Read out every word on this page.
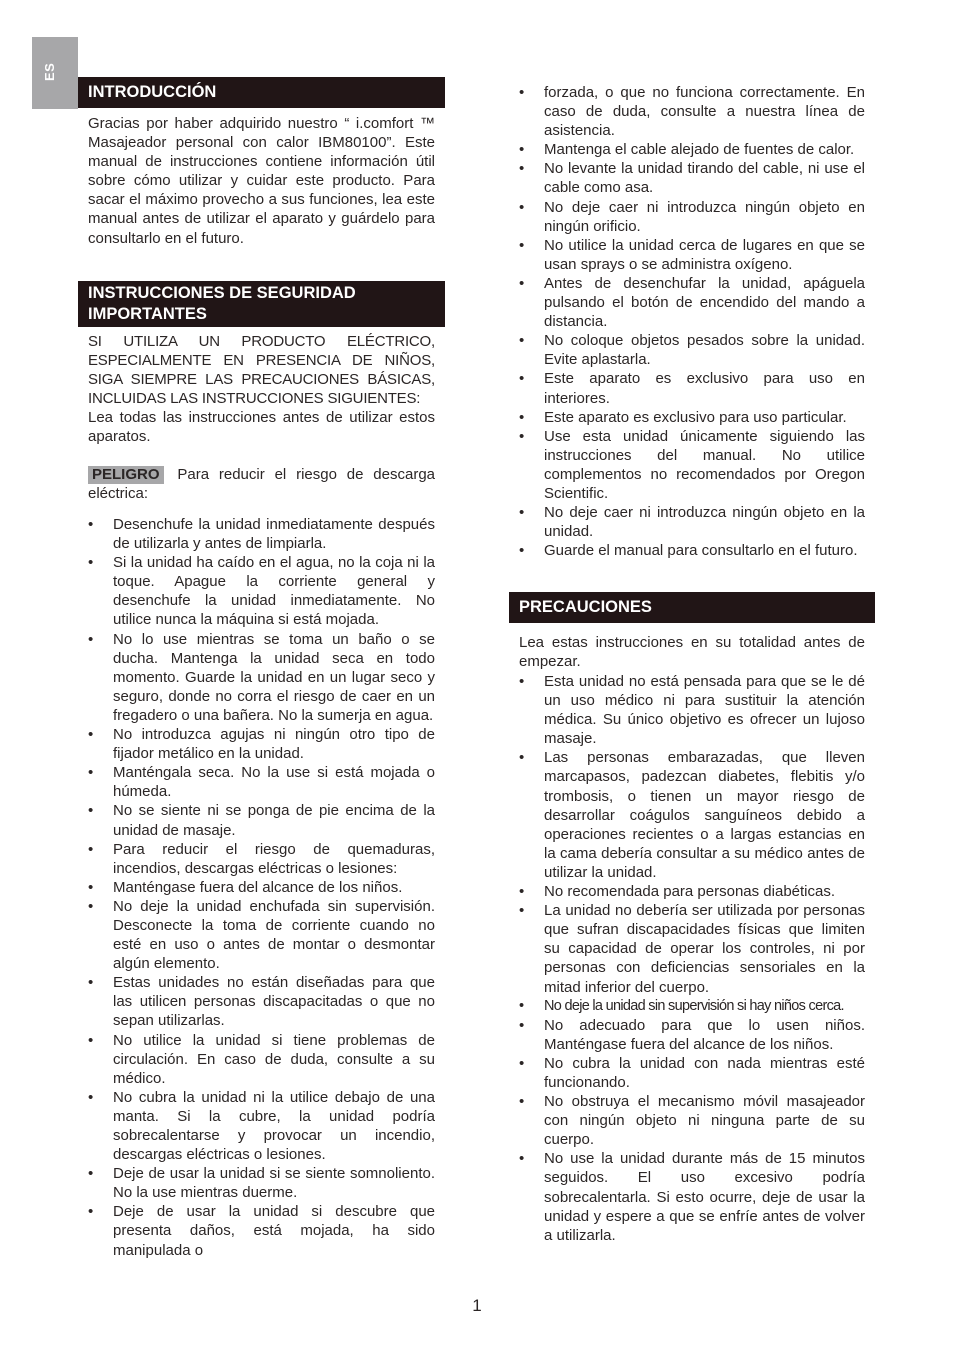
ES
INTRODUCCIÓN

Gracias por haber adquirido nuestro “ i.comfort ™ Masajeador personal con calor IBM80100”. Este manual de instrucciones contiene información útil sobre cómo utilizar y cuidar este producto. Para sacar el máximo provecho a sus funciones, lea este manual antes de utilizar el aparato y guárdelo para consultarlo en el futuro.

INSTRUCCIONES DE SEGURIDAD
IMPORTANTES

SI UTILIZA UN PRODUCTO ELÉCTRICO, ESPECIALMENTE EN PRESENCIA DE NIÑOS, SIGA SIEMPRE LAS PRECAUCIONES BÁSICAS, INCLUIDAS LAS INSTRUCCIONES SIGUIENTES:

Lea todas las instrucciones antes de utilizar estos aparatos.

PELIGRO Para reducir el riesgo de descarga eléctrica:

• Desenchufe la unidad inmediatamente después de utilizarla y antes de limpiarla.
• Si la unidad ha caído en el agua, no la coja ni la toque. Apague la corriente general y desenchufe la unidad inmediatamente. No utilice nunca la máquina si está mojada.
• No lo use mientras se toma un baño o se ducha. Mantenga la unidad seca en todo momento. Guarde la unidad en un lugar seco y seguro, donde no corra el riesgo de caer en un fregadero o una bañera. No la sumerja en agua.
• No introduzca agujas ni ningún otro tipo de fijador metálico en la unidad.
• Manténgala seca. No la use si está mojada o húmeda.
• No se siente ni se ponga de pie encima de la unidad de masaje.
• Para reducir el riesgo de quemaduras, incendios, descargas eléctricas o lesiones:
• Manténgase fuera del alcance de los niños.
• No deje la unidad enchufada sin supervisión. Desconecte la toma de corriente cuando no esté en uso o antes de montar o desmontar algún elemento.
• Estas unidades no están diseñadas para que las utilicen personas discapacitadas o que no sepan utilizarlas.
• No utilice la unidad si tiene problemas de circulación. En caso de duda, consulte a su médico.
• No cubra la unidad ni la utilice debajo de una manta. Si la cubre, la unidad podría sobrecalentarse y provocar un incendio, descargas eléctricas o lesiones.
• Deje de usar la unidad si se siente somnoliento. No la use mientras duerme.
• Deje de usar la unidad si descubre que presenta daños, está mojada, ha sido manipulada o
• forzada, o que no funciona correctamente. En caso de duda, consulte a nuestra línea de asistencia.
• Mantenga el cable alejado de fuentes de calor.
• No levante la unidad tirando del cable, ni use el cable como asa.
• No deje caer ni introduzca ningún objeto en ningún orificio.
• No utilice la unidad cerca de lugares en que se usan sprays o se administra oxígeno.
• Antes de desenchufar la unidad, apáguela pulsando el botón de encendido del mando a distancia.
• No coloque objetos pesados sobre la unidad. Evite aplastarla.
• Este aparato es exclusivo para uso en interiores.
• Este aparato es exclusivo para uso particular.
• Use esta unidad únicamente siguiendo las instrucciones del manual. No utilice complementos no recomendados por Oregon Scientific.
• No deje caer ni introduzca ningún objeto en la unidad.
• Guarde el manual para consultarlo en el futuro.
PRECAUCIONES

Lea estas instrucciones en su totalidad antes de empezar.

• Esta unidad no está pensada para que se le dé un uso médico ni para sustituir la atención médica. Su único objetivo es ofrecer un lujoso masaje.
• Las personas embarazadas, que lleven marcapasos, padezcan diabetes, flebitis y/o trombosis, o tienen un mayor riesgo de desarrollar coágulos sanguíneos debido a operaciones recientes o a largas estancias en la cama debería consultar a su médico antes de utilizar la unidad.
• No recomendada para personas diabéticas.
• La unidad no debería ser utilizada por personas que sufran discapacidades físicas que limiten su capacidad de operar los controles, ni por personas con deficiencias sensoriales en la mitad inferior del cuerpo.
• No deje la unidad sin supervisión si hay niños cerca.
• No adecuado para que lo usen niños. Manténgase fuera del alcance de los niños.
• No cubra la unidad con nada mientras esté funcionando.
• No obstruya el mecanismo móvil masajeador con ningún objeto ni ninguna parte de su cuerpo.
• No use la unidad durante más de 15 minutos seguidos. El uso excesivo podría sobrecalentarla. Si esto ocurre, deje de usar la unidad y espere a que se enfríe antes de volver a utilizarla.
1
